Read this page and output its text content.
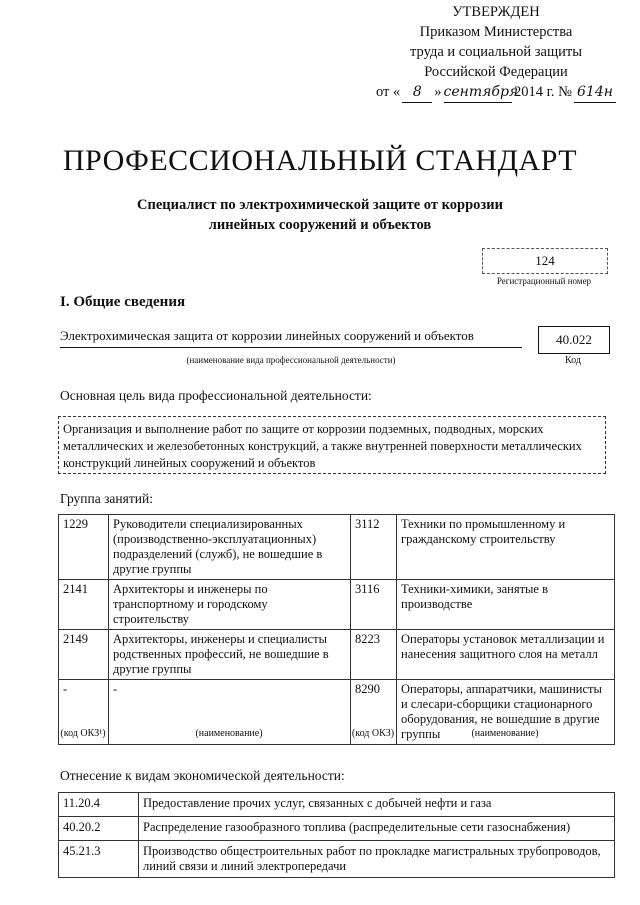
УТВЕРЖДЕН
Приказом Министерства
труда и социальной защиты
Российской Федерации
от « 8 » сентября
2014 г. № 614н
ПРОФЕССИОНАЛЬНЫЙ СТАНДАРТ
Специалист по электрохимической защите от коррозии
линейных сооружений и объектов
124
Регистрационный номер
I. Общие сведения
Электрохимическая защита от коррозии линейных сооружений и объектов
(наименование вида профессиональной деятельности)
40.022
Код
Основная цель вида профессиональной деятельности:
Организация и выполнение работ по защите от коррозии подземных, подводных, морских металлических и железобетонных конструкций, а также внутренней поверхности металлических конструкций линейных сооружений и объектов
Группа занятий:
1229	Руководители специализированных (производственно-эксплуатационных) подразделений (служб), не вошедшие в другие группы	3112	Техники по промышленному и гражданскому строительству
2141	Архитекторы и инженеры по транспортному и городскому строительству	3116	Техники-химики, занятые в производстве
2149	Архитекторы, инженеры и специалисты родственных профессий, не вошедшие в другие группы	8223	Операторы установок металлизации и нанесения защитного слоя на металл
-	-	8290	Операторы, аппаратчики, машинисты и слесари-сборщики стационарного оборудования, не вошедшие в другие группы
(код ОКЗ¹)	(наименование)	(код ОКЗ)	(наименование)
Отнесение к видам экономической деятельности:
11.20.4	Предоставление прочих услуг, связанных с добычей нефти и газа
40.20.2	Распределение газообразного топлива (распределительные сети газоснабжения)
45.21.3	Производство общестроительных работ по прокладке магистральных трубопроводов, линий связи и линий электропередачи
